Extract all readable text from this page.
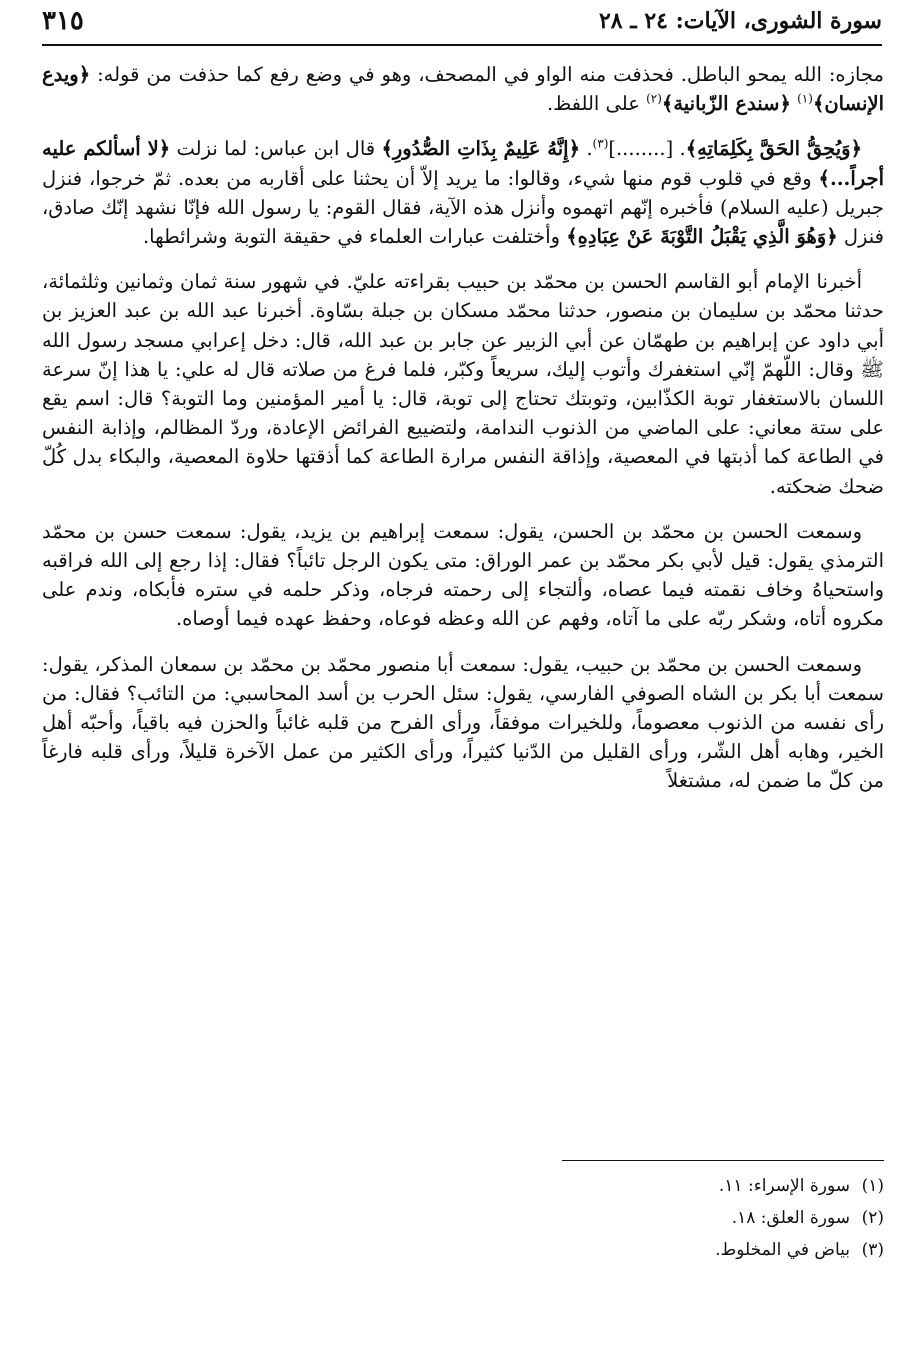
سورة الشورى، الآيات: ٢٤ ـ ٢٨
٣١٥

مجازه: الله يمحو الباطل. فحذفت منه الواو في المصحف، وهو في وضع رفع كما حذفت من قوله: ﴿ويدع الإنسان﴾$^{(١)}$ ﴿سندع الزّبانية﴾$^{(٢)}$ على اللفظ.

﴿وَيُحِقُّ الحَقَّ بِكَلِمَاتِهِ﴾. [........]$^{(٣)}$. ﴿إِنَّهُ عَلِيمٌ بِذَاتِ الصُّدُورِ﴾ قال ابن عباس: لما نزلت ﴿لا أسألكم عليه أجراً...﴾ وقع في قلوب قوم منها شيء، وقالوا: ما يريد إلاّ أن يحثنا على أقاربه من بعده. ثمّ خرجوا، فنزل جبريل (عليه السلام) فأخبره إنّهم اتهموه وأنزل هذه الآية، فقال القوم: يا رسول الله فإنّا نشهد إنّك صادق، فنزل ﴿وَهُوَ الَّذِي يَقْبَلُ التَّوْبَةَ عَنْ عِبَادِهِ﴾ وأختلفت عبارات العلماء في حقيقة التوبة وشرائطها.

أخبرنا الإمام أبو القاسم الحسن بن محمّد بن حبيب بقراءته عليّ. في شهور سنة ثمان وثمانين وثلثمائة، حدثنا محمّد بن سليمان بن منصور، حدثنا محمّد مسكان بن جبلة بسّاوة. أخبرنا عبد الله بن عبد العزيز بن أبي داود عن إبراهيم بن طهمّان عن أبي الزبير عن جابر بن عبد الله، قال: دخل إعرابي مسجد رسول الله ﷺ وقال: اللّهمّ إنّي استغفرك وأتوب إليك، سريعاً وكبّر، فلما فرغ من صلاته قال له علي: يا هذا إنّ سرعة اللسان بالاستغفار توبة الكذّابين، وتوبتك تحتاج إلى توبة، قال: يا أمير المؤمنين وما التوبة؟ قال: اسم يقع على ستة معاني: على الماضي من الذنوب الندامة، ولتضييع الفرائض الإعادة، وردّ المظالم، وإذابة النفس في الطاعة كما أذبتها في المعصية، وإذاقة النفس مرارة الطاعة كما أذقتها حلاوة المعصية، والبكاء بدل كُلّ ضحك ضحكته.

وسمعت الحسن بن محمّد بن الحسن، يقول: سمعت إبراهيم بن يزيد، يقول: سمعت حسن بن محمّد الترمذي يقول: قيل لأبي بكر محمّد بن عمر الوراق: متى يكون الرجل تائباً؟ فقال: إذا رجع إلى الله فراقبه واستحياهُ وخاف نقمته فيما عصاه، وألتجاء إلى رحمته فرجاه، وذكر حلمه في ستره فأبكاه، وندم على مكروه أتاه، وشكر ربّه على ما آتاه، وفهم عن الله وعظه فوعاه، وحفظ عهده فيما أوصاه.

وسمعت الحسن بن محمّد بن حبيب، يقول: سمعت أبا منصور محمّد بن محمّد بن سمعان المذكر، يقول: سمعت أبا بكر بن الشاه الصوفي الفارسي، يقول: سئل الحرب بن أسد المحاسبي: من التائب؟ فقال: من رأى نفسه من الذنوب معصوماً، وللخيرات موفقاً، ورأى الفرح من قلبه غائباً والحزن فيه باقياً، وأحبّه أهل الخير، وهابه أهل الشّر، ورأى القليل من الدّنيا كثيراً، ورأى الكثير من عمل الآخرة قليلاً، ورأى قلبه فارغاً من كلّ ما ضمن له، مشتغلاً

(١)سورة الإسراء: ١١.
(٢)سورة العلق: ١٨.
(٣)بياض في المخلوط.
